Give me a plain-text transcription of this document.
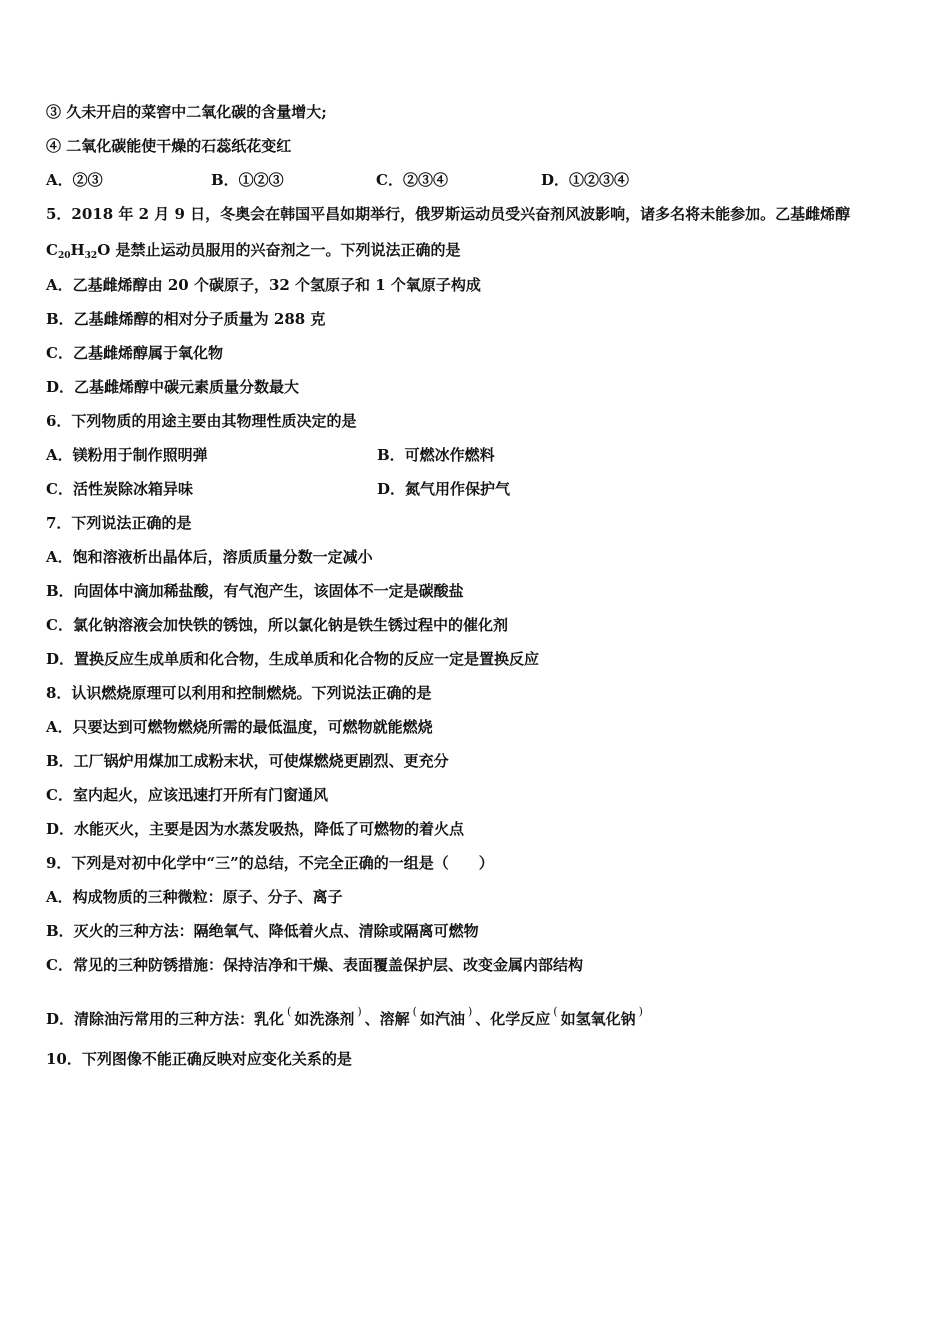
③ 久未开启的菜窖中二氧化碳的含量增大;
④ 二氧化碳能使干燥的石蕊纸花变红
A．②③	B．①②③	C．②③④	D．①②③④
5．2018 年 2 月 9 日，冬奥会在韩国平昌如期举行，俄罗斯运动员受兴奋剂风波影响，诸多名将未能参加。乙基雌烯醇
$C_{20}H_{32}O$ 是禁止运动员服用的兴奋剂之一。下列说法正确的是
A．乙基雌烯醇由 20 个碳原子，32 个氢原子和 1 个氧原子构成
B．乙基雌烯醇的相对分子质量为 288 克
C．乙基雌烯醇属于氧化物
D．乙基雌烯醇中碳元素质量分数最大
6．下列物质的用途主要由其物理性质决定的是
A．镁粉用于制作照明弹	B．可燃冰作燃料
C．活性炭除冰箱异味	D．氮气用作保护气
7．下列说法正确的是
A．饱和溶液析出晶体后，溶质质量分数一定减小
B．向固体中滴加稀盐酸，有气泡产生，该固体不一定是碳酸盐
C．氯化钠溶液会加快铁的锈蚀，所以氯化钠是铁生锈过程中的催化剂
D．置换反应生成单质和化合物，生成单质和化合物的反应一定是置换反应
8．认识燃烧原理可以利用和控制燃烧。下列说法正确的是
A．只要达到可燃物燃烧所需的最低温度，可燃物就能燃烧
B．工厂锅炉用煤加工成粉末状，可使煤燃烧更剧烈、更充分
C．室内起火，应该迅速打开所有门窗通风
D．水能灭火，主要是因为水蒸发吸热，降低了可燃物的着火点
9．下列是对初中化学中“三”的总结，不完全正确的一组是（　　）
A．构成物质的三种微粒：原子、分子、离子
B．灭火的三种方法：隔绝氧气、降低着火点、清除或隔离可燃物
C．常见的三种防锈措施：保持洁净和干燥、表面覆盖保护层、改变金属内部结构
D．清除油污常用的三种方法：乳化 ( 如洗涤剂 ) 、溶解 ( 如汽油 ) 、化学反应 ( 如氢氧化钠 )
10．下列图像不能正确反映对应变化关系的是
